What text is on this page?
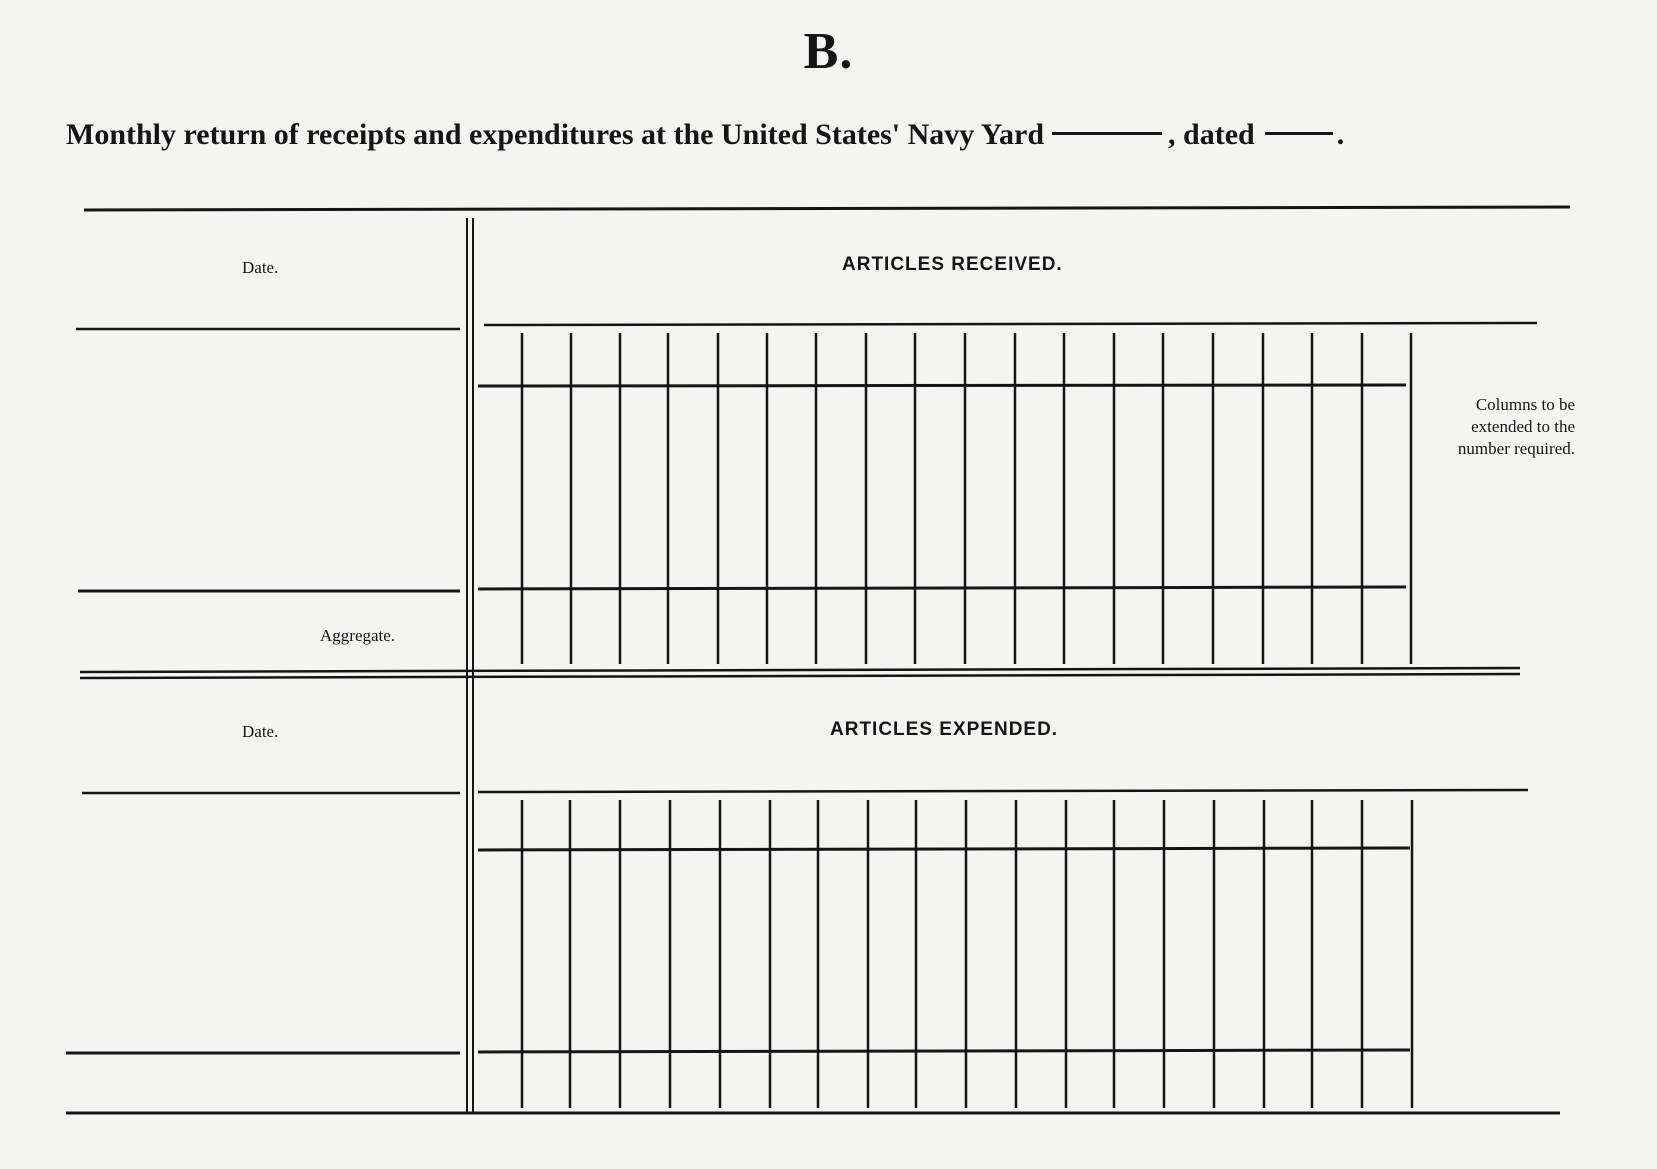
B.
Monthly return of receipts and expenditures at the United States' Navy Yard	, dated	.
Date.	ARTICLES RECEIVED.
Columns to be
extended to the
number required.
Aggregate.
Date.	ARTICLES EXPENDED.
